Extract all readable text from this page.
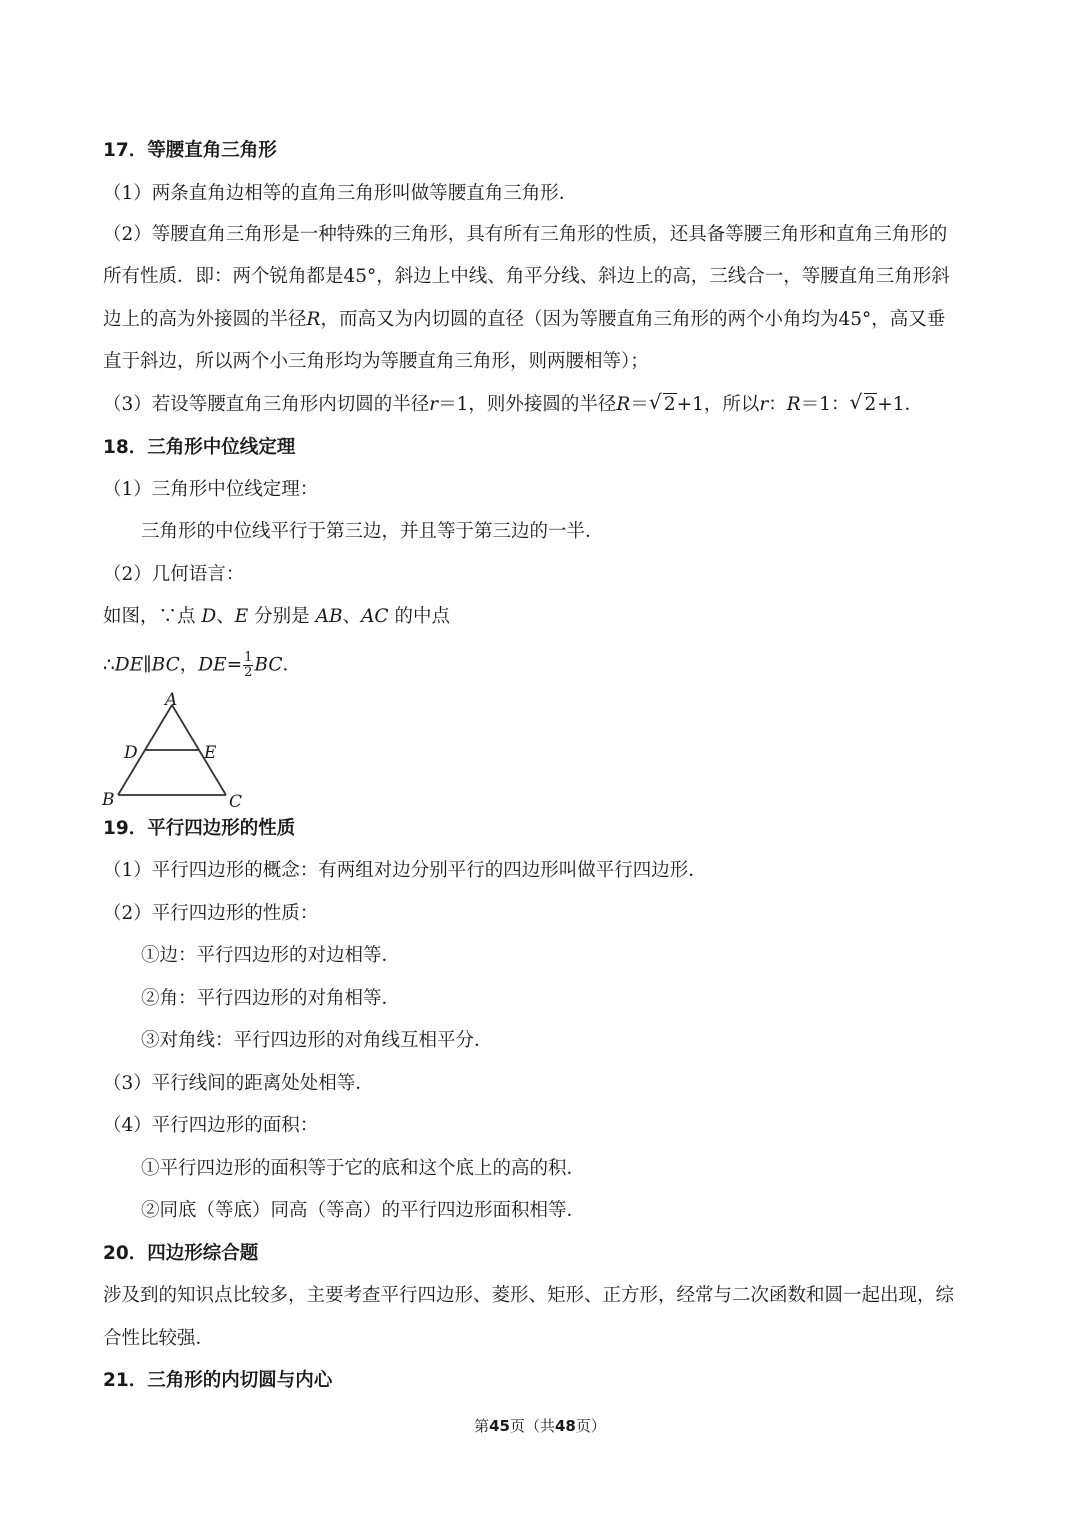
17．等腰直角三角形
（1）两条直角边相等的直角三角形叫做等腰直角三角形．
（2）等腰直角三角形是一种特殊的三角形，具有所有三角形的性质，还具备等腰三角形和直角三角形的
所有性质．即：两个锐角都是45°，斜边上中线、角平分线、斜边上的高，三线合一，等腰直角三角形斜
边上的高为外接圆的半径R，而高又为内切圆的直径（因为等腰直角三角形的两个小角均为45°，高又垂
直于斜边，所以两个小三角形均为等腰直角三角形，则两腰相等）；
（3）若设等腰直角三角形内切圆的半径r＝1，则外接圆的半径R＝ √ 2+1，所以r：R＝1： √ 2+1．
18．三角形中位线定理
（1）三角形中位线定理：
三角形的中位线平行于第三边，并且等于第三边的一半．
（2）几何语言：
如图，∵点 D、E 分别是 AB、AC 的中点
∴DE∥BC，$DE= \frac{1}{2}$ BC．
A
D	E
B	C
19．平行四边形的性质
（1）平行四边形的概念：有两组对边分别平行的四边形叫做平行四边形．
（2）平行四边形的性质：
①边：平行四边形的对边相等．
②角：平行四边形的对角相等．
③对角线：平行四边形的对角线互相平分．
（3）平行线间的距离处处相等．
（4）平行四边形的面积：
①平行四边形的面积等于它的底和这个底上的高的积．
②同底（等底）同高（等高）的平行四边形面积相等．
20．四边形综合题
涉及到的知识点比较多，主要考查平行四边形、菱形、矩形、正方形，经常与二次函数和圆一起出现，综
合性比较强．
21．三角形的内切圆与内心
第45页（共48页）
